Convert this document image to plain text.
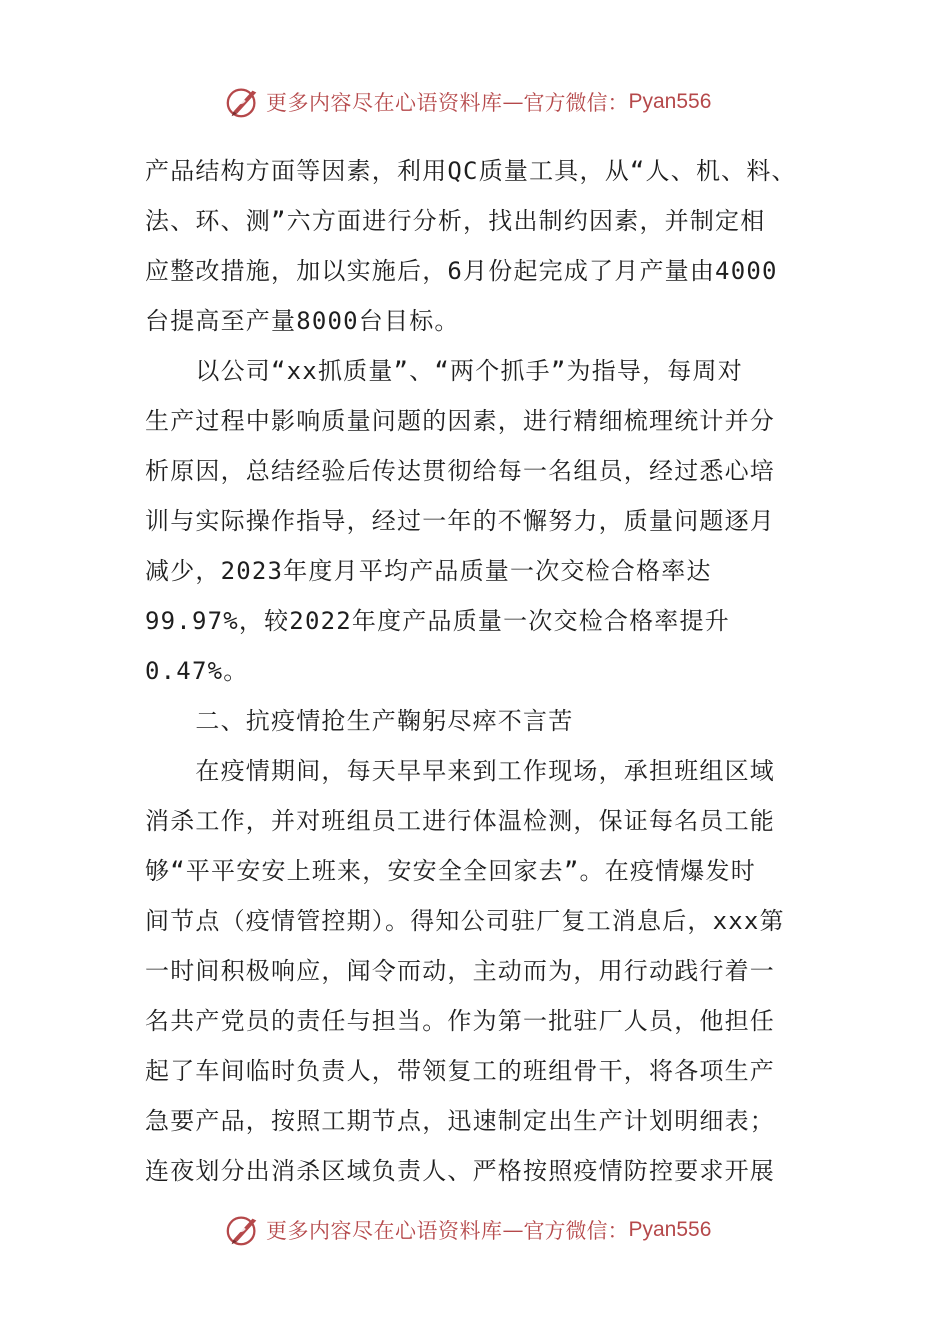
更多内容尽在心语资料库 — 官方微信： Pyan556
产品结构方面等因素，利用QC质量工具，从“人、机、料、
法、环、测”六方面进行分析，找出制约因素，并制定相
应整改措施，加以实施后，6月份起完成了月产量由4000
台提高至产量8000台目标。
　　以公司“xx抓质量”、“两个抓手”为指导，每周对
生产过程中影响质量问题的因素，进行精细梳理统计并分
析原因，总结经验后传达贯彻给每一名组员，经过悉心培
训与实际操作指导，经过一年的不懈努力，质量问题逐月
减少，2023年度月平均产品质量一次交检合格率达
99.97%，较2022年度产品质量一次交检合格率提升
0.47%。
　　二、抗疫情抢生产鞠躬尽瘁不言苦
　　在疫情期间，每天早早来到工作现场，承担班组区域
消杀工作，并对班组员工进行体温检测，保证每名员工能
够“平平安安上班来，安安全全回家去”。在疫情爆发时
间节点（疫情管控期）。得知公司驻厂复工消息后，xxx第
一时间积极响应，闻令而动，主动而为，用行动践行着一
名共产党员的责任与担当。作为第一批驻厂人员，他担任
起了车间临时负责人，带领复工的班组骨干，将各项生产
急要产品，按照工期节点，迅速制定出生产计划明细表；
连夜划分出消杀区域负责人、严格按照疫情防控要求开展
更多内容尽在心语资料库 — 官方微信： Pyan556
